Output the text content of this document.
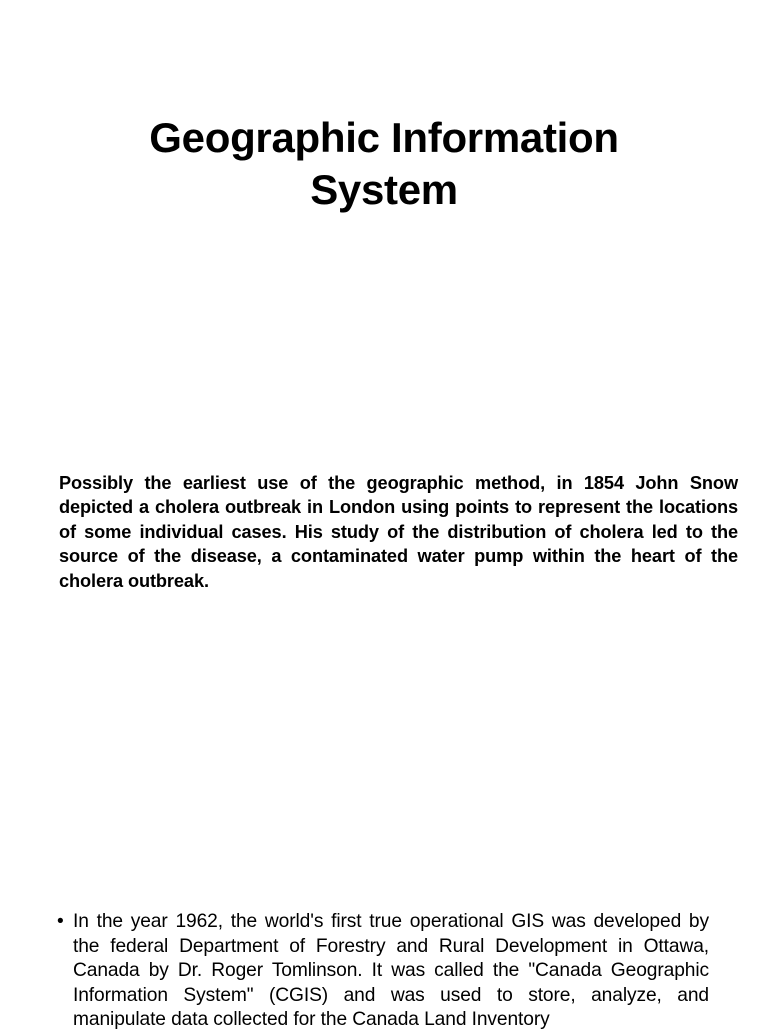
Geographic Information System

Possibly the earliest use of the geographic method, in 1854 John Snow depicted a cholera outbreak in London using points to represent the locations of some individual cases. His study of the distribution of cholera led to the source of the disease, a contaminated water pump within the heart of the cholera outbreak.

• In the year 1962, the world's first true operational GIS was developed by the federal Department of Forestry and Rural Development in Ottawa, Canada by Dr. Roger Tomlinson. It was called the "Canada Geographic Information System" (CGIS) and was used to store, analyze, and manipulate data collected for the Canada Land Inventory
